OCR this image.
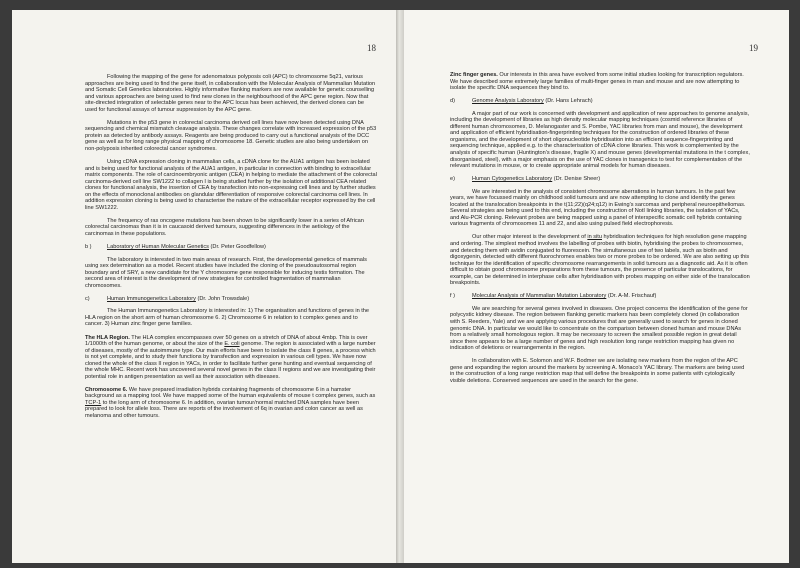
18

Following the mapping of the gene for adenomatous polyposis coli (APC) to chromosome 5q21, various approaches are being used to find the gene itself, in collaboration with the Molecular Analysis of Mammalian Mutation and Somatic Cell Genetics laboratories. Highly informative flanking markers are now available for genetic counselling and various approaches are being used to find new clones in the neighbourhood of the APC gene region. Now that site-directed integration of selectable genes near to the APC locus has been achieved, the derived clones can be used for functional assays of tumour suppression by the APC gene.

Mutations in the p53 gene in colorectal carcinoma derived cell lines have now been detected using DNA sequencing and chemical mismatch cleavage analysis. These changes correlate with increased expression of the p53 protein as detected by antibody assays. Reagents are being produced to carry out a functional analysis of the DCC gene as well as for long range physical mapping of chromosome 18. Genetic studies are also being undertaken on non-polyposis inherited colorectal cancer syndromes.

Using cDNA expression cloning in mammalian cells, a cDNA clone for the AUA1 antigen has been isolated and is being used for functional analysis of the AUA1 antigen, in particular in connection with binding to extracellular matrix components. The role of carcinoembryonic antigen (CEA) in helping to mediate the attachment of the colorectal carcinoma-derived cell line SW1222 to collagen I is being studied further by the isolation of additional CEA related clones for functional analysis, the insertion of CEA by transfection into non-expressing cell lines and by further studies on the effects of monoclonal antibodies on glandular differentiation of responsive colorectal carcinoma cell lines. In addition expression cloning is being used to characterise the nature of the extracellular receptor expressed by the cell line SW1222.

The frequency of ras oncogene mutations has been shown to be significantly lower in a series of African colorectal carcinomas than it is in caucasoid derived tumours, suggesting differences in the aetiology of the carcinomas in these populations.

b )	Laboratory of Human Molecular Genetics (Dr. Peter Goodfellow)

The laboratory is interested in two main areas of research. First, the developmental genetics of mammals using sex determination as a model. Recent studies have included the cloning of the pseudoautosomal region boundary and of SRY, a new candidate for the Y chromosome gene responsible for inducing testis formation. The second area of interest is the development of new strategies for controlled fragmentation of mammalian chromosomes.

c)	Human Immunogenetics Laboratory (Dr. John Trowsdale)

The Human Immunogenetics Laboratory is interested in: 1) The organisation and functions of genes in the HLA region on the short arm of human chromosome 6. 2) Chromosome 6 in relation to t complex genes and to cancer. 3) Human zinc finger gene families.

The HLA Region. The HLA complex encompasses over 50 genes on a stretch of DNA of about 4mbp. This is over 1/1000th of the human genome, or about the size of the E. coli genome. The region is associated with a large number of diseases, mostly of the autoimmune type. Our main efforts have been to isolate the class II genes, a process which is not yet complete, and to study their functions by transfection and expression in various cell types. We have now cloned the whole of the class II region in YACs, in order to facilitate further gene hunting and eventual sequencing of the whole MHC. Recent work has uncovered several novel genes in the class II regions and we are investigating their potential role in antigen presentation as well as their association with diseases.

Chromosome 6. We have prepared irradiation hybrids containing fragments of chromosome 6 in a hamster background as a mapping tool. We have mapped some of the human equivalents of mouse t complex genes, such as TCP-1 to the long arm of chromosome 6. In addition, ovarian tumour/normal matched DNA samples have been prepared to look for allele loss. There are reports of the involvement of 6q in ovarian and colon cancer as well as melanoma and other tumours.

19

Zinc finger genes. Our interests in this area have evolved from some initial studies looking for transcription regulators. We have described some extremely large families of multi-finger genes in man and mouse and are now attempting to isolate the specific DNA sequences they bind to.

d)	Genome Analysis Laboratory (Dr. Hans Lehrach)

A major part of our work is concerned with development and application of new approaches to genome analysis, including the development of libraries as high density molecular mapping techniques (cosmid reference libraries of different human chromosomes, D. Melanogaster and S. Pombe, YAC libraries from man and mouse), the development and application of efficient hybridisation-fingerprinting techniques for the construction of ordered libraries of these organisms, and the development of short oligonucleotide hybridisation into an efficient sequence-fingerprinting and sequencing technique, applied e.g. to the characterisation of cDNA clone libraries. This work is complemented by the analysis of specific human (Huntington's disease, fragile X) and mouse genes (developmental mutations in the t complex, disorganised, steel), with a major emphasis on the use of YAC clones in transgenics to test for complementation of the relevant mutations in mouse, or to create appropriate animal models for human diseases.

e)	Human Cytogenetics Laboratory (Dr. Denise Sheer)

We are interested in the analysis of consistent chromosome aberrations in human tumours. In the past few years, we have focussed mainly on childhood solid tumours and are now attempting to clone and identify the genes located at the translocation breakpoints in the t(11;22)(q24;q12) in Ewing's sarcomas and peripheral neuroepitheliomas. Several strategies are being used to this end, including the construction of NotI linking libraries, the isolation of YACs, and Alu-PCR cloning. Relevant probes are being mapped using a panel of interspecific somatic cell hybrids containing various fragments of chromosomes 11 and 22, and also using pulsed field electrophoresis.

Our other major interest is the development of in situ hybridisation techniques for high resolution gene mapping and ordering. The simplest method involves the labelling of probes with biotin, hybridising the probes to chromosomes, and detecting them with avidin conjugated to fluorescein. The simultaneous use of two labels, such as biotin and digoxygenin, detected with different fluorochromes enables two or more probes to be ordered. We are also setting up this technique for the identification of specific chromosome rearrangements in solid tumours as a diagnostic aid. As it is often difficult to obtain good chromosome preparations from these tumours, the presence of particular translocations, for example, can be determined in interphase cells after hybridisation with probes mapping on either side of the translocation breakpoints.

f )	Molecular Analysis of Mammalian Mutation Laboratory (Dr. A-M. Frischauf)

We are searching for several genes involved in diseases. One project concerns the identification of the gene for polycystic kidney disease. The region between flanking genetic markers has been completely cloned (in collaboration with S. Reeders, Yale) and we are applying various procedures that are generally used to search for genes in cloned genomic DNA. In particular we would like to concentrate on the comparison between cloned human and mouse DNAs from a relatively small homologous region. It may be necessary to screen the smallest possible region in great detail since there appears to be a large number of genes and high resolution long range restriction mapping has given no indication of deletions or rearrangements in the region.

In collaboration with E. Solomon and W.F. Bodmer we are isolating new markers from the region of the APC gene and expanding the region around the markers by screening A. Monaco's YAC library. The markers are being used in the construction of a long range restriction map that will define the breakpoints in some patients with cytologically visible deletions. Conserved sequences are used in the search for the gene.
